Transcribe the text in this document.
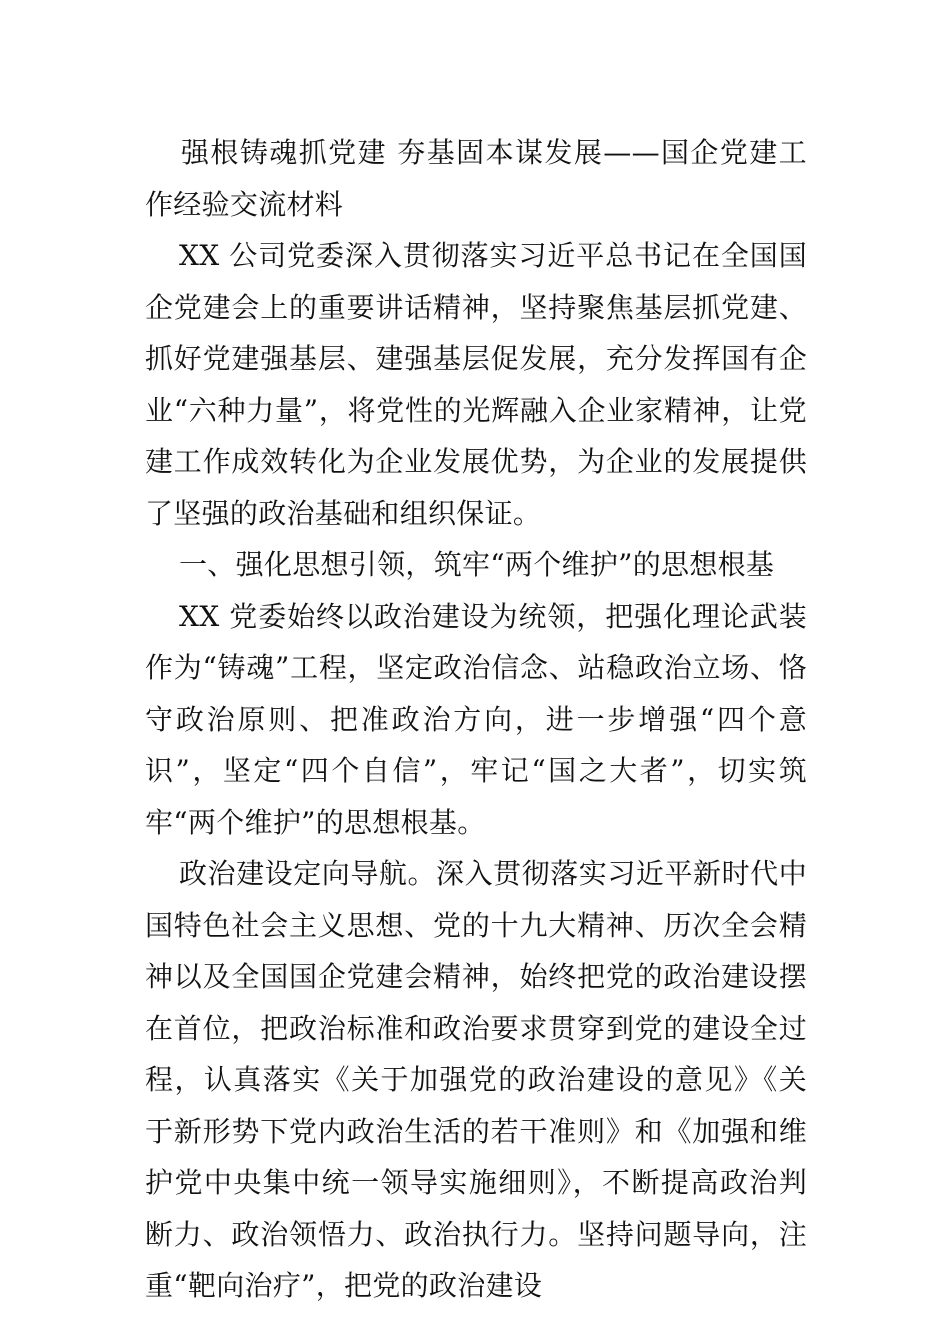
强根铸魂抓党建 夯基固本谋发展——国企党建工作经验交流材料

XX 公司党委深入贯彻落实习近平总书记在全国国企党建会上的重要讲话精神，坚持聚焦基层抓党建、抓好党建强基层、建强基层促发展，充分发挥国有企业“六种力量”，将党性的光辉融入企业家精神，让党建工作成效转化为企业发展优势，为企业的发展提供了坚强的政治基础和组织保证。

一、强化思想引领，筑牢“两个维护”的思想根基

XX 党委始终以政治建设为统领，把强化理论武装作为“铸魂”工程，坚定政治信念、站稳政治立场、恪守政治原则、把准政治方向，进一步增强“四个意识”，坚定“四个自信”，牢记“国之大者”，切实筑牢“两个维护”的思想根基。

政治建设定向导航。深入贯彻落实习近平新时代中国特色社会主义思想、党的十九大精神、历次全会精神以及全国国企党建会精神，始终把党的政治建设摆在首位，把政治标准和政治要求贯穿到党的建设全过程，认真落实《关于加强党的政治建设的意见》《关于新形势下党内政治生活的若干准则》和《加强和维护党中央集中统一领导实施细则》，不断提高政治判断力、政治领悟力、政治执行力。坚持问题导向，注重“靶向治疗”，把党的政治建设
